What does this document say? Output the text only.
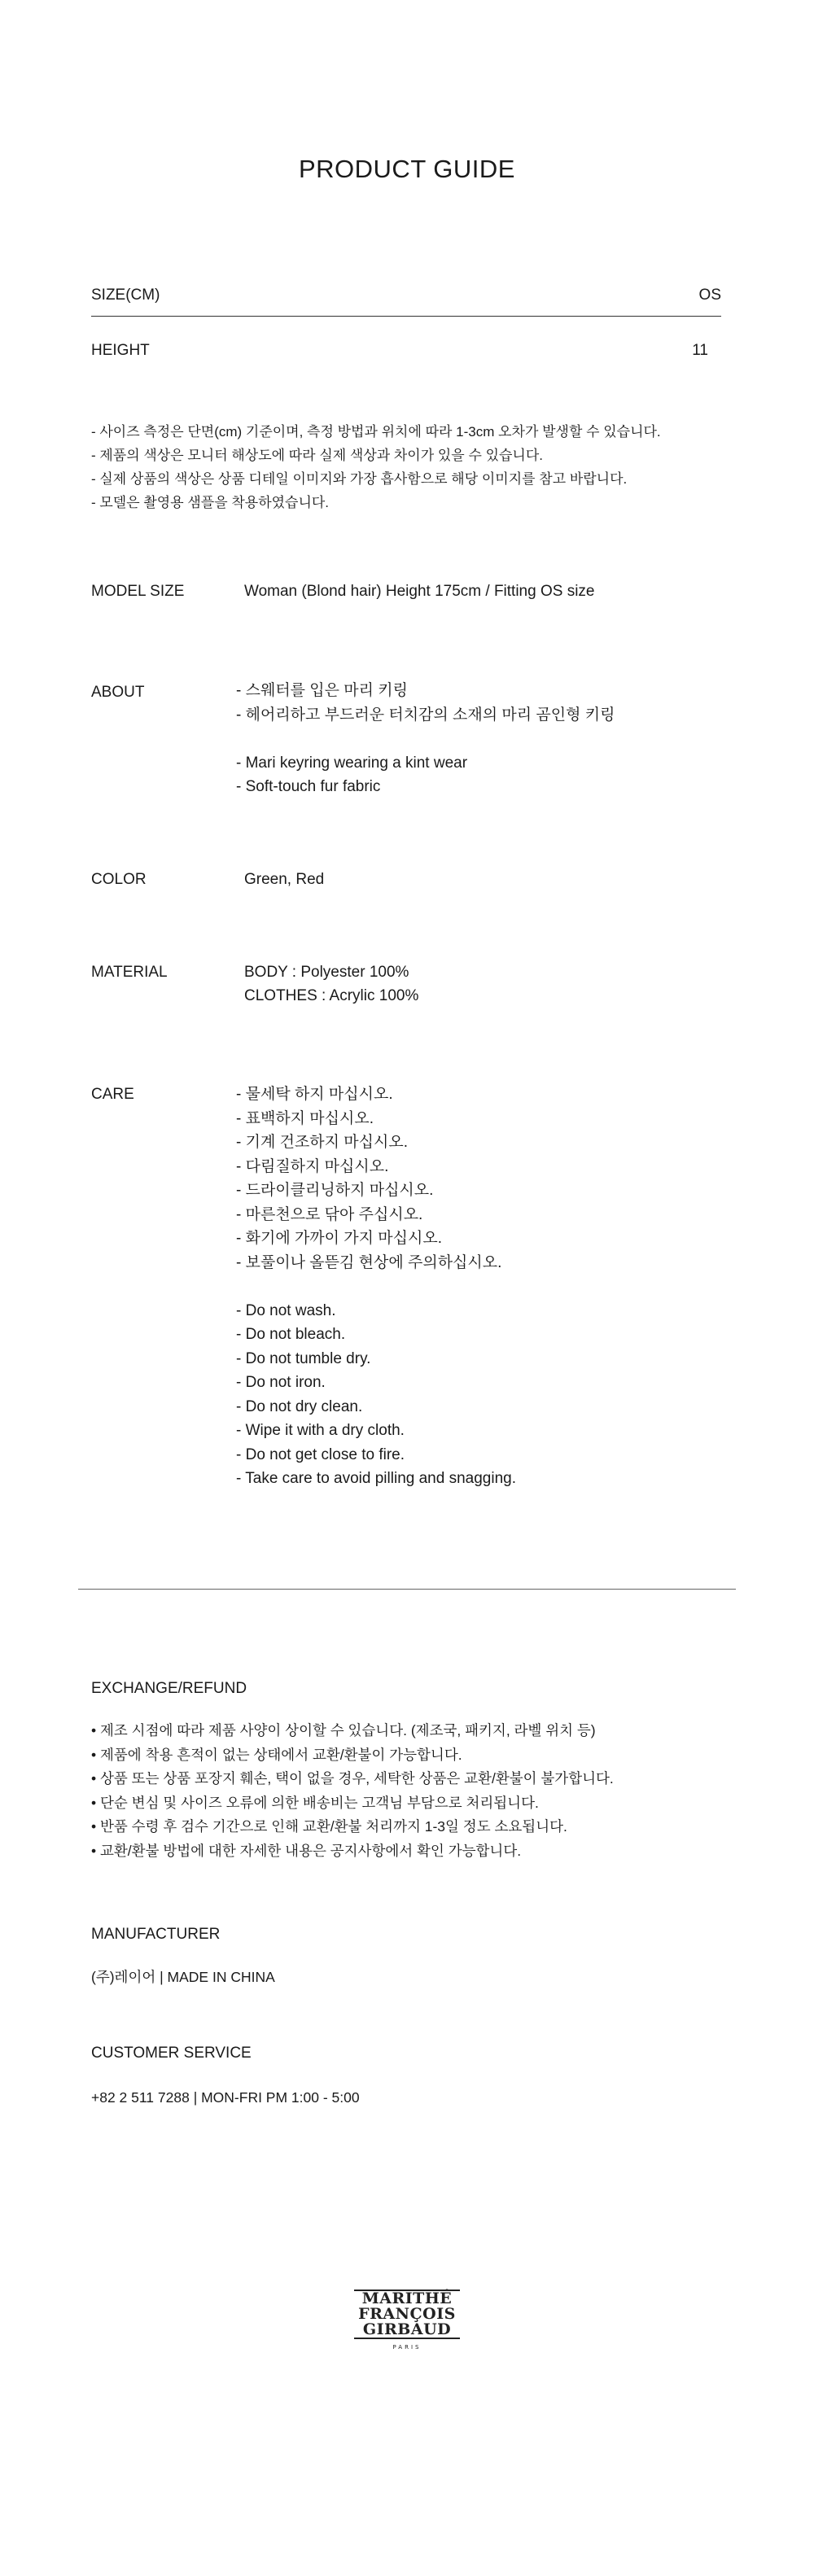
PRODUCT GUIDE
SIZE(CM)	OS
HEIGHT	11
- 사이즈 측정은 단면(cm) 기준이며, 측정 방법과 위치에 따라 1-3cm 오차가 발생할 수 있습니다.
- 제품의 색상은 모니터 해상도에 따라 실제 색상과 차이가 있을 수 있습니다.
- 실제 상품의 색상은 상품 디테일 이미지와 가장 흡사함으로 해당 이미지를 참고 바랍니다.
- 모델은 촬영용 샘플을 착용하였습니다.
MODEL SIZE	Woman (Blond hair) Height 175cm / Fitting OS size
ABOUT	- 스웨터를 입은 마리 키링
- 헤어리하고 부드러운 터치감의 소재의 마리 곰인형 키링

- Mari keyring wearing a kint wear
- Soft-touch fur fabric
COLOR	Green, Red
MATERIAL	BODY : Polyester 100%
CLOTHES : Acrylic 100%
CARE	- 물세탁 하지 마십시오.
- 표백하지 마십시오.
- 기계 건조하지 마십시오.
- 다림질하지 마십시오.
- 드라이클리닝하지 마십시오.
- 마른천으로 닦아 주십시오.
- 화기에 가까이 가지 마십시오.
- 보풀이나 올뜯김 현상에 주의하십시오.

- Do not wash.
- Do not bleach.
- Do not tumble dry.
- Do not iron.
- Do not dry clean.
- Wipe it with a dry cloth.
- Do not get close to fire.
- Take care to avoid pilling and snagging.
EXCHANGE/REFUND
• 제조 시점에 따라 제품 사양이 상이할 수 있습니다. (제조국, 패키지, 라벨 위치 등)
• 제품에 착용 흔적이 없는 상태에서 교환/환불이 가능합니다.
• 상품 또는 상품 포장지 훼손, 택이 없을 경우, 세탁한 상품은 교환/환불이 불가합니다.
• 단순 변심 및 사이즈 오류에 의한 배송비는 고객님 부담으로 처리됩니다.
• 반품 수령 후 검수 기간으로 인해 교환/환불 처리까지 1-3일 정도 소요됩니다.
• 교환/환불 방법에 대한 자세한 내용은 공지사항에서 확인 가능합니다.
MANUFACTURER
(주)레이어 | MADE IN CHINA
CUSTOMER SERVICE
+82 2 511 7288 | MON-FRI PM 1:00 - 5:00
MARITHÉ
FRANÇOIS
GIRBAUD
PARIS
